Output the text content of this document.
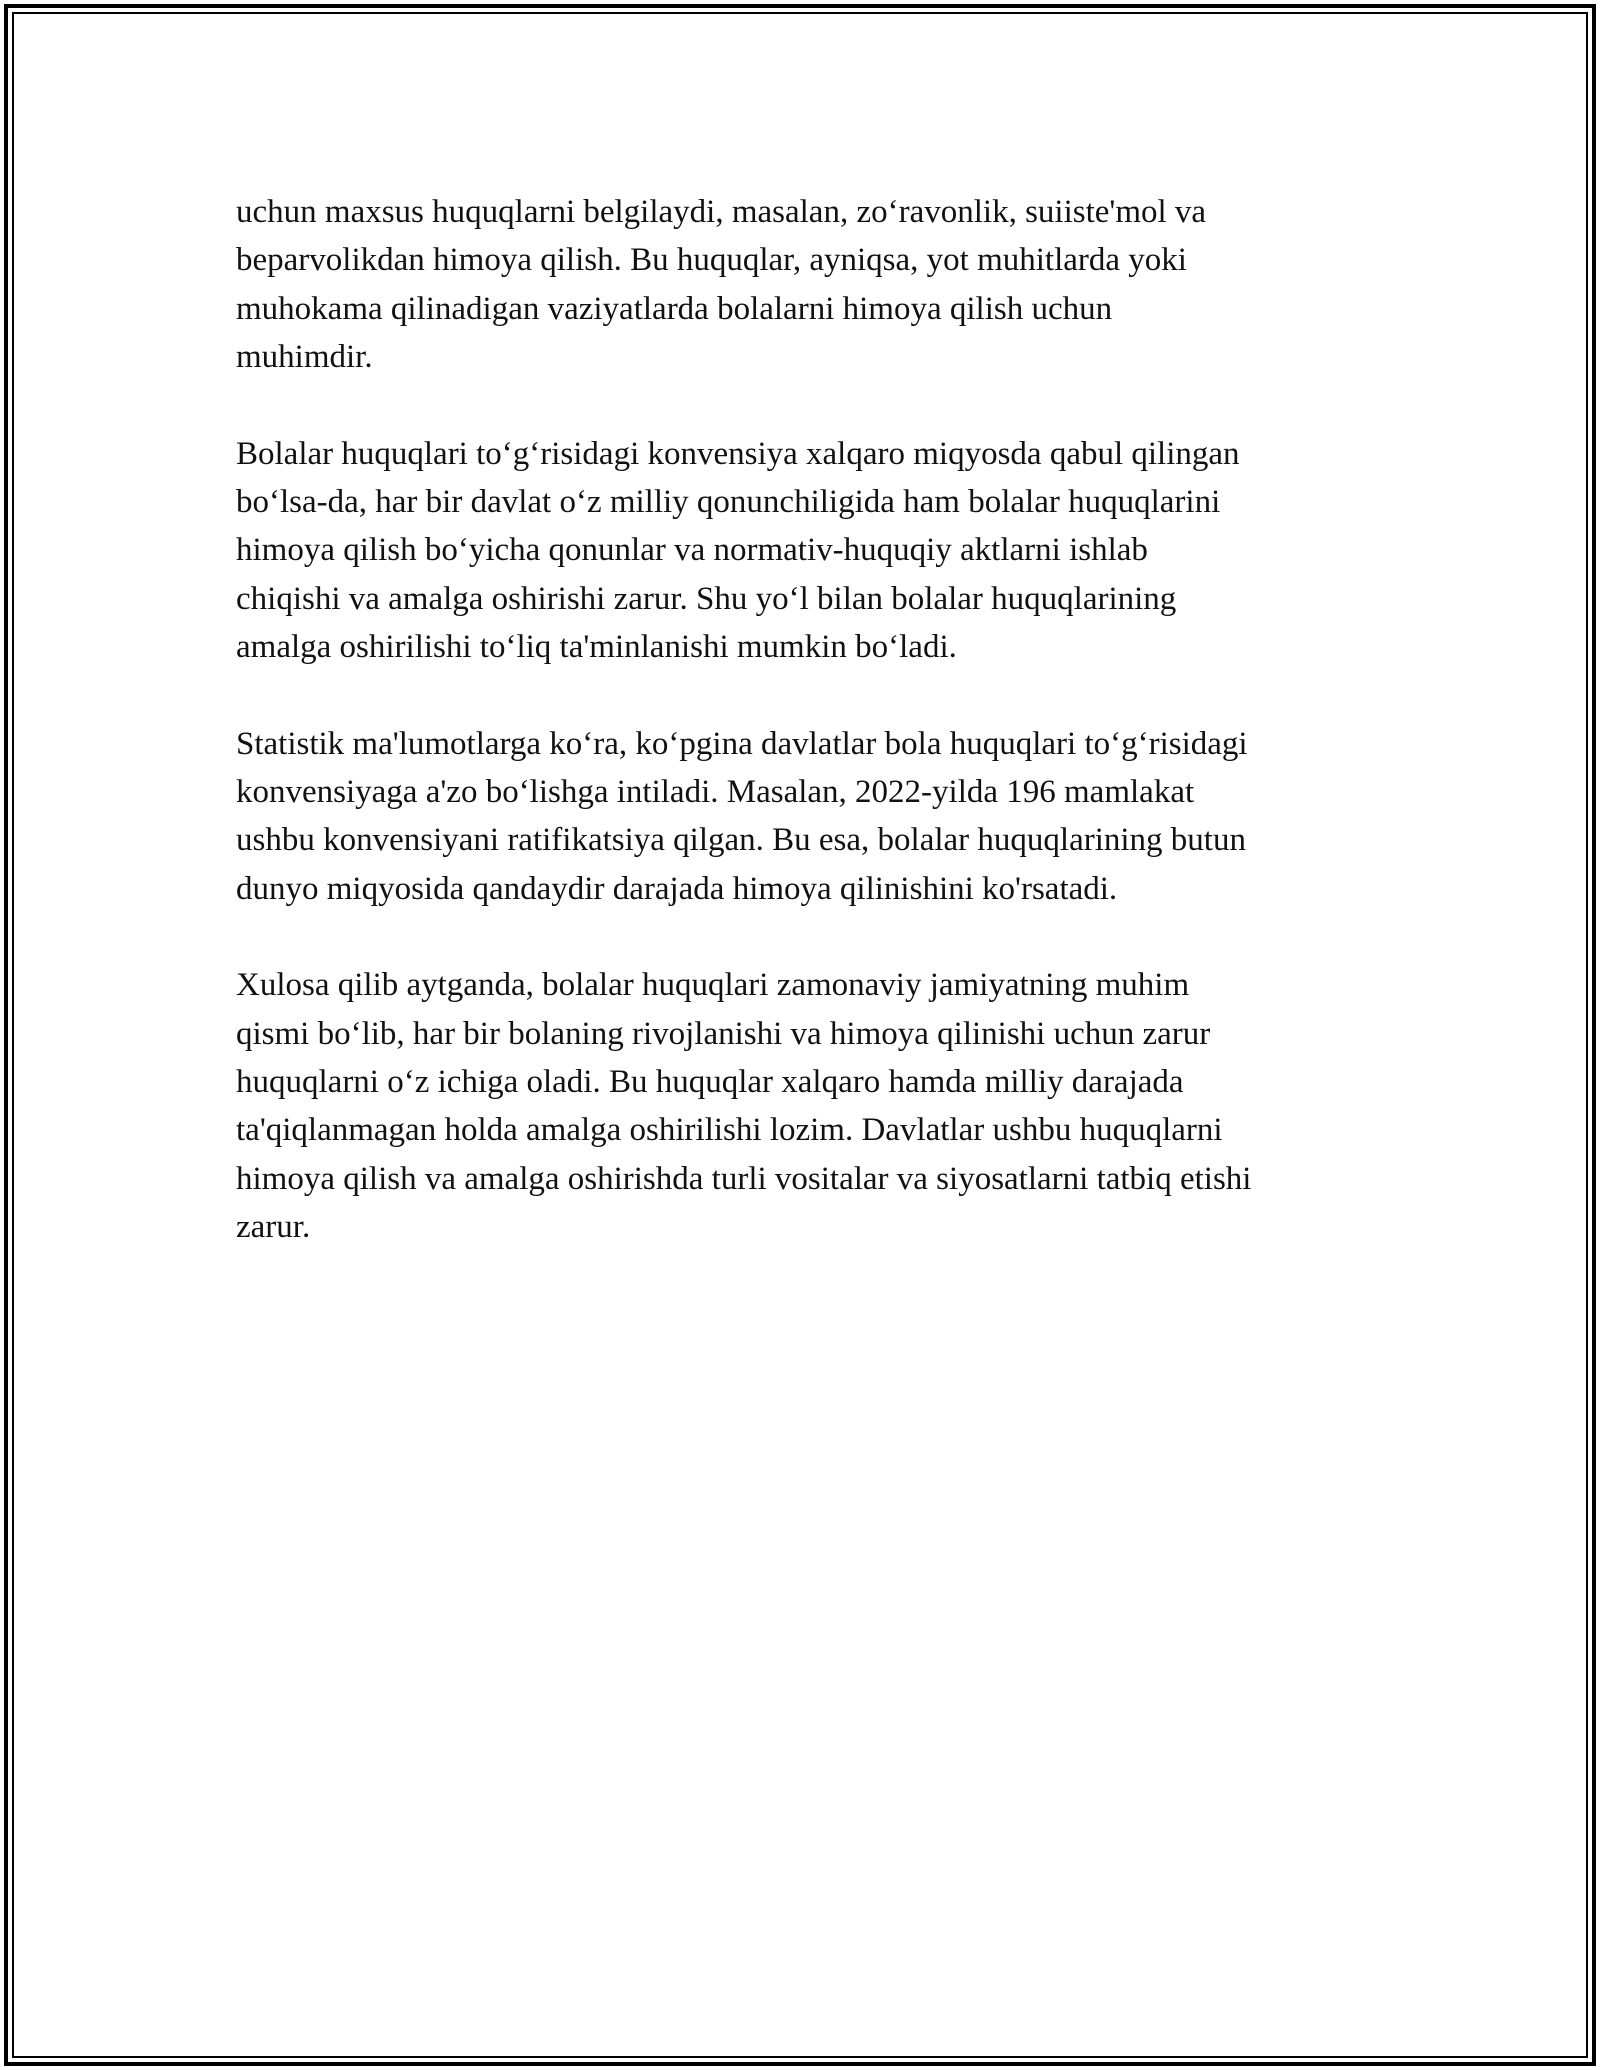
uchun maxsus huquqlarni belgilaydi, masalan, zo‘ravonlik, suiiste'mol va
beparvolikdan himoya qilish. Bu huquqlar, ayniqsa, yot muhitlarda yoki
muhokama qilinadigan vaziyatlarda bolalarni himoya qilish uchun
muhimdir.

Bolalar huquqlari to‘g‘risidagi konvensiya xalqaro miqyosda qabul qilingan
bo‘lsa-da, har bir davlat o‘z milliy qonunchiligida ham bolalar huquqlarini
himoya qilish bo‘yicha qonunlar va normativ-huquqiy aktlarni ishlab
chiqishi va amalga oshirishi zarur. Shu yo‘l bilan bolalar huquqlarining
amalga oshirilishi to‘liq ta'minlanishi mumkin bo‘ladi.

Statistik ma'lumotlarga ko‘ra, ko‘pgina davlatlar bola huquqlari to‘g‘risidagi
konvensiyaga a'zo bo‘lishga intiladi. Masalan, 2022-yilda 196 mamlakat
ushbu konvensiyani ratifikatsiya qilgan. Bu esa, bolalar huquqlarining butun
dunyo miqyosida qandaydir darajada himoya qilinishini ko'rsatadi.

Xulosa qilib aytganda, bolalar huquqlari zamonaviy jamiyatning muhim
qismi bo‘lib, har bir bolaning rivojlanishi va himoya qilinishi uchun zarur
huquqlarni o‘z ichiga oladi. Bu huquqlar xalqaro hamda milliy darajada
ta'qiqlanmagan holda amalga oshirilishi lozim. Davlatlar ushbu huquqlarni
himoya qilish va amalga oshirishda turli vositalar va siyosatlarni tatbiq etishi
zarur.
